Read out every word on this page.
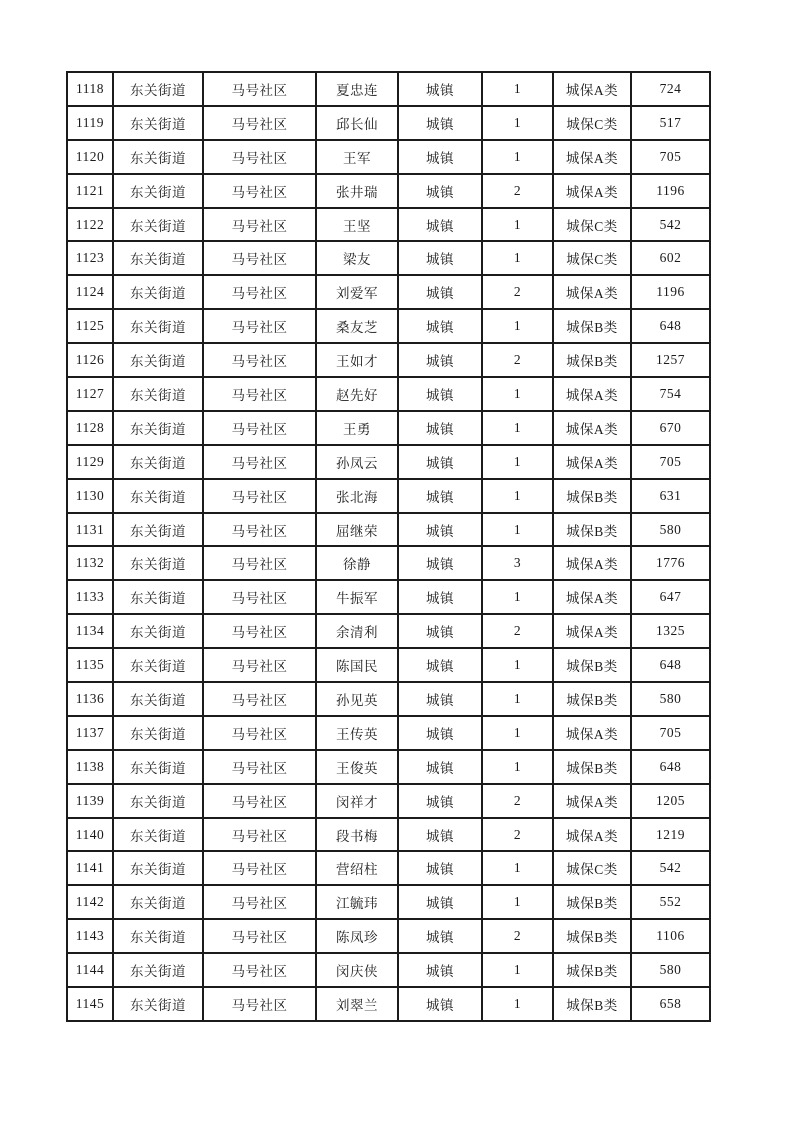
1118	东关街道	马号社区	夏忠连	城镇	1	城保A类	724
1119	东关街道	马号社区	邱长仙	城镇	1	城保C类	517
1120	东关街道	马号社区	王军	城镇	1	城保A类	705
1121	东关街道	马号社区	张井瑞	城镇	2	城保A类	1196
1122	东关街道	马号社区	王坚	城镇	1	城保C类	542
1123	东关街道	马号社区	梁友	城镇	1	城保C类	602
1124	东关街道	马号社区	刘爱军	城镇	2	城保A类	1196
1125	东关街道	马号社区	桑友芝	城镇	1	城保B类	648
1126	东关街道	马号社区	王如才	城镇	2	城保B类	1257
1127	东关街道	马号社区	赵先好	城镇	1	城保A类	754
1128	东关街道	马号社区	王勇	城镇	1	城保A类	670
1129	东关街道	马号社区	孙凤云	城镇	1	城保A类	705
1130	东关街道	马号社区	张北海	城镇	1	城保B类	631
1131	东关街道	马号社区	屈继荣	城镇	1	城保B类	580
1132	东关街道	马号社区	徐静	城镇	3	城保A类	1776
1133	东关街道	马号社区	牛振军	城镇	1	城保A类	647
1134	东关街道	马号社区	余清利	城镇	2	城保A类	1325
1135	东关街道	马号社区	陈国民	城镇	1	城保B类	648
1136	东关街道	马号社区	孙见英	城镇	1	城保B类	580
1137	东关街道	马号社区	王传英	城镇	1	城保A类	705
1138	东关街道	马号社区	王俊英	城镇	1	城保B类	648
1139	东关街道	马号社区	闵祥才	城镇	2	城保A类	1205
1140	东关街道	马号社区	段书梅	城镇	2	城保A类	1219
1141	东关街道	马号社区	营绍柱	城镇	1	城保C类	542
1142	东关街道	马号社区	江毓玮	城镇	1	城保B类	552
1143	东关街道	马号社区	陈凤珍	城镇	2	城保B类	1106
1144	东关街道	马号社区	闵庆侠	城镇	1	城保B类	580
1145	东关街道	马号社区	刘翠兰	城镇	1	城保B类	658
